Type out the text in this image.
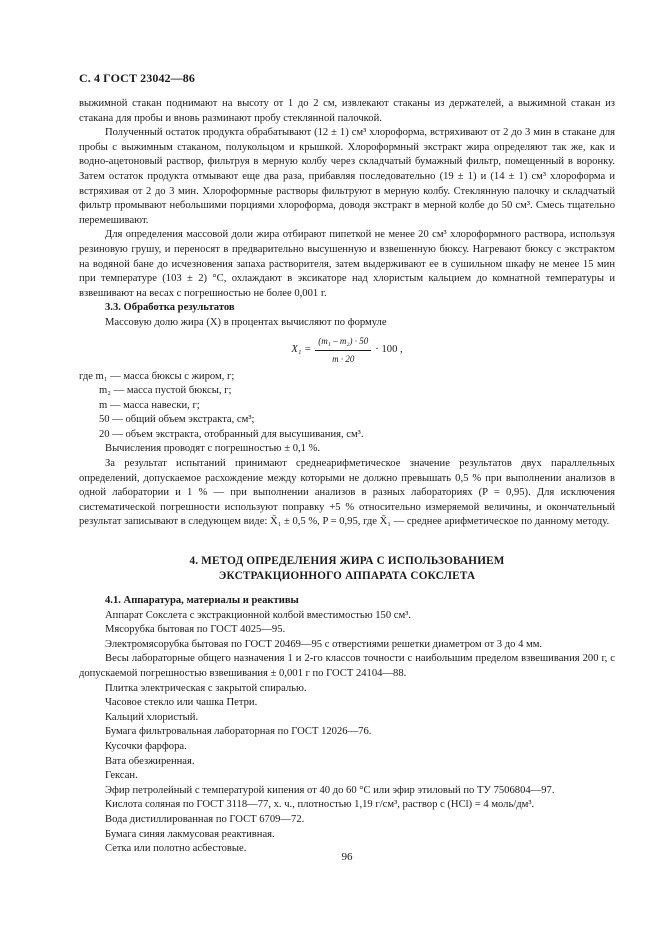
С. 4 ГОСТ 23042—86

выжимной стакан поднимают на высоту от 1 до 2 см, извлекают стаканы из держателей, а выжимной стакан из стакана для пробы и вновь разминают пробу стеклянной палочкой.

Полученный остаток продукта обрабатывают (12 ± 1) см³ хлороформа, встряхивают от 2 до 3 мин в стакане для пробы с выжимным стаканом, полукольцом и крышкой. Хлороформный экстракт жира определяют так же, как и водно-ацетоновый раствор, фильтруя в мерную колбу через складчатый бумажный фильтр, помещенный в воронку. Затем остаток продукта отмывают еще два раза, прибавляя последовательно (19 ± 1) и (14 ± 1) см³ хлороформа и встряхивая от 2 до 3 мин. Хлороформные растворы фильтруют в мерную колбу. Стеклянную палочку и складчатый фильтр промывают небольшими порциями хлороформа, доводя экстракт в мерной колбе до 50 см³. Смесь тщательно перемешивают.

Для определения массовой доли жира отбирают пипеткой не менее 20 см³ хлороформного раствора, используя резиновую грушу, и переносят в предварительно высушенную и взвешенную бюксу. Нагревают бюксу с экстрактом на водяной бане до исчезновения запаха растворителя, затем выдерживают ее в сушильном шкафу не менее 15 мин при температуре (103 ± 2) °С, охлаждают в эксикаторе над хлористым кальцием до комнатной температуры и взвешивают на весах с погрешностью не более 0,001 г.

3.3. Обработка результатов

Массовую долю жира (X) в процентах вычисляют по формуле

$X_1 = \frac{\text{(m₁ – m₂) · 50}}{m \cdot 20} \cdot 100$ ,
где m₁ — масса бюксы с жиром, г;
m₂ — масса пустой бюксы, г;
m — масса навески, г;
50 — общий объем экстракта, см³;
20 — объем экстракта, отобранный для высушивания, см³.

Вычисления проводят с погрешностью ± 0,1 %.

За результат испытаний принимают среднеарифметическое значение результатов двух параллельных определений, допускаемое расхождение между которыми не должно превышать 0,5 % при выполнении анализов в одной лаборатории и 1 % — при выполнении анализов в разных лабораториях (P = 0,95). Для исключения систематической погрешности используют поправку +5 % относительно измеряемой величины, и окончательный результат записывают в следующем виде: X̄₁ ± 0,5 %, P = 0,95, где X̄₁ — среднее арифметическое по данному методу.

4. МЕТОД ОПРЕДЕЛЕНИЯ ЖИРА С ИСПОЛЬЗОВАНИЕМ
ЭКСТРАКЦИОННОГО АППАРАТА СОКСЛЕТА

4.1. Аппаратура, материалы и реактивы

Аппарат Сокслета с экстракционной колбой вместимостью 150 см³.

Мясорубка бытовая по ГОСТ 4025—95.

Электромясорубка бытовая по ГОСТ 20469—95 с отверстиями решетки диаметром от 3 до 4 мм.

Весы лабораторные общего назначения 1 и 2-го классов точности с наибольшим пределом взвешивания 200 г, с допускаемой погрешностью взвешивания ± 0,001 г по ГОСТ 24104—88.

Плитка электрическая с закрытой спиралью.

Часовое стекло или чашка Петри.

Кальций хлористый.

Бумага фильтровальная лабораторная по ГОСТ 12026—76.

Кусочки фарфора.

Вата обезжиренная.

Гексан.

Эфир петролейный с температурой кипения от 40 до 60 °С или эфир этиловый по ТУ 7506804—97.

Кислота соляная по ГОСТ 3118—77, х. ч., плотностью 1,19 г/см³, раствор с (HCl) = 4 моль/дм³.

Вода дистиллированная по ГОСТ 6709—72.

Бумага синяя лакмусовая реактивная.

Сетка или полотно асбестовые.

96
